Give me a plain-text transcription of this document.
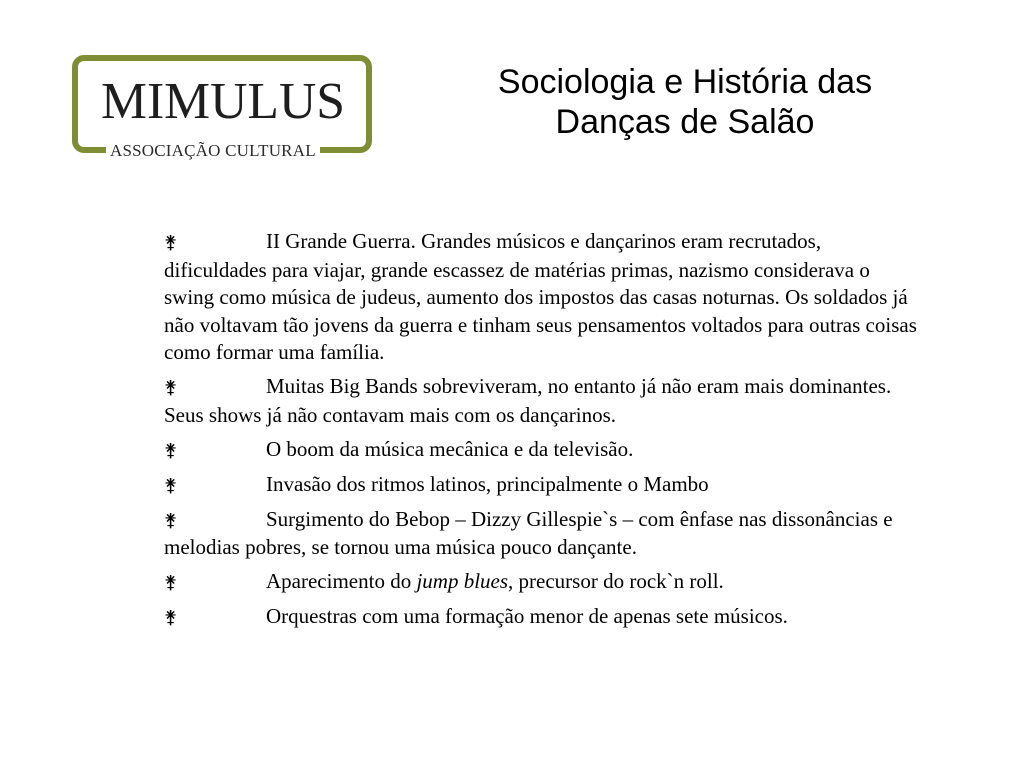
MIMULUS
ASSOCIAÇÃO CULTURAL
Sociologia e História das
Danças de Salão
⚵	II Grande Guerra. Grandes músicos e dançarinos eram recrutados, dificuldades para viajar, grande escassez de matérias primas, nazismo considerava o swing como música de judeus, aumento dos impostos das casas noturnas. Os soldados já não voltavam tão jovens da guerra e tinham seus pensamentos voltados para outras coisas como formar uma família.
⚵	Muitas Big Bands sobreviveram, no entanto já não eram mais dominantes. Seus shows já não contavam mais com os dançarinos.
⚵	O boom da música mecânica e da televisão.
⚵	Invasão dos ritmos latinos, principalmente o Mambo
⚵	Surgimento do Bebop – Dizzy Gillespie`s – com ênfase nas dissonâncias e melodias pobres, se tornou uma música pouco dançante.
⚵	Aparecimento do jump blues, precursor do rock`n roll.
⚵	Orquestras com uma formação menor de apenas sete músicos.
